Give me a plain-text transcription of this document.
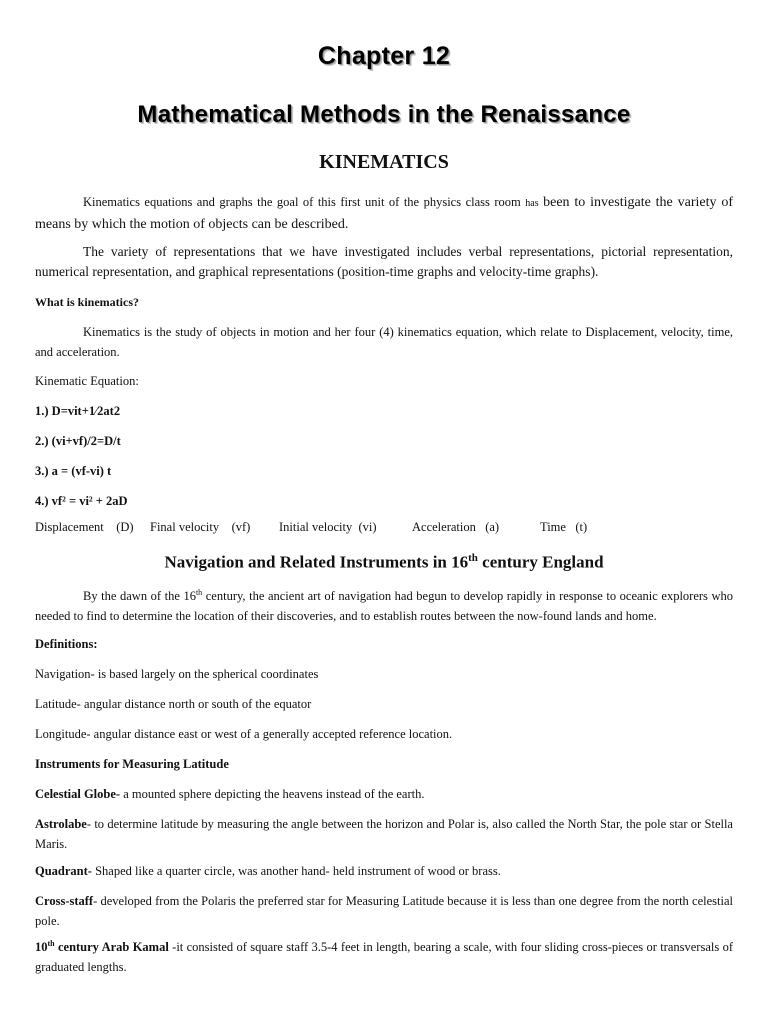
Chapter 12
Mathematical Methods in the Renaissance
KINEMATICS

Kinematics equations and graphs the goal of this first unit of the physics class room has been to investigate the variety of means by which the motion of objects can be described.

The variety of representations that we have investigated includes verbal representations, pictorial representation, numerical representation, and graphical representations (position-time graphs and velocity-time graphs).

What is kinematics?

Kinematics is the study of objects in motion and her four (4) kinematics equation, which relate to Displacement, velocity, time, and acceleration.

Kinematic Equation:

1.) D=vit+1⁄2at2

2.) (vi+vf)/2=D/t

3.) a = (vf-vi) t

4.) vf² = vi² + 2aD

Displacement    (D) Final velocity    (vf) Initial velocity  (vi)	Acceleration   (a)	Time   (t)
Navigation and Related Instruments in 16th century England

By the dawn of the 16th century, the ancient art of navigation had begun to develop rapidly in response to oceanic explorers who needed to find to determine the location of their discoveries, and to establish routes between the now-found lands and home.

Definitions:

Navigation- is based largely on the spherical coordinates

Latitude- angular distance north or south of the equator

Longitude- angular distance east or west of a generally accepted reference location.

Instruments for Measuring Latitude

Celestial Globe- a mounted sphere depicting the heavens instead of the earth.

Astrolabe- to determine latitude by measuring the angle between the horizon and Polar is, also called the North Star, the pole star or Stella Maris.

Quadrant- Shaped like a quarter circle, was another hand- held instrument of wood or brass.

Cross-staff- developed from the Polaris the preferred star for Measuring Latitude because it is less than one degree from the north celestial pole.

10th century Arab Kamal -it consisted of square staff 3.5-4 feet in length, bearing a scale, with four sliding cross-pieces or transversals of graduated lengths.
